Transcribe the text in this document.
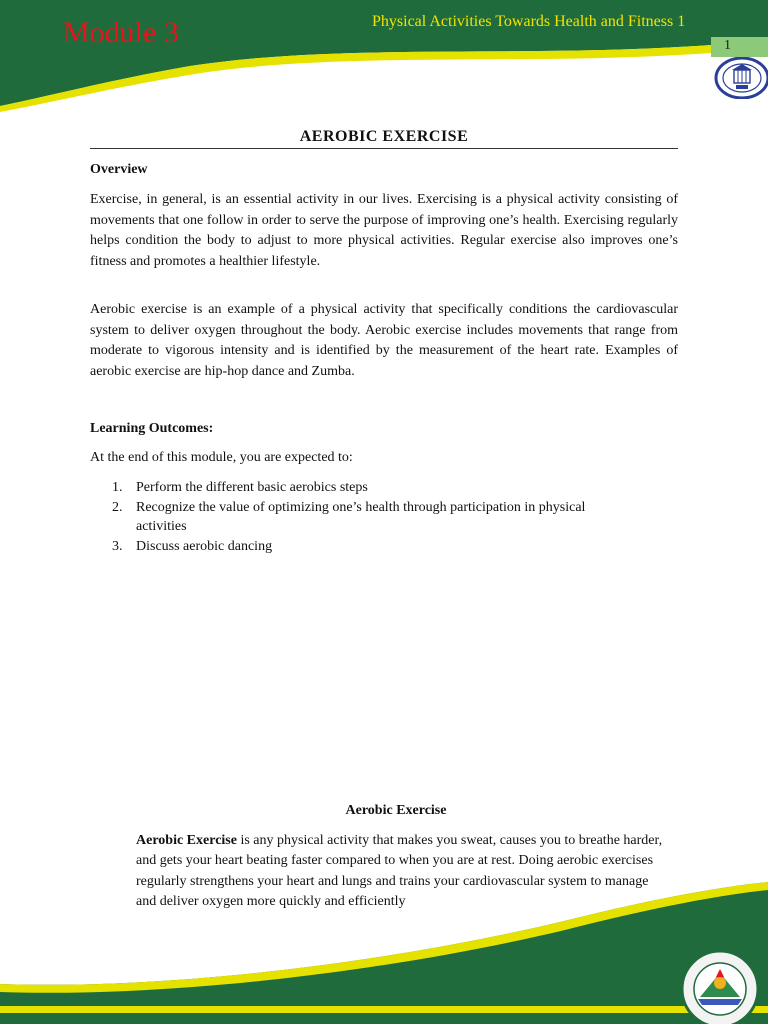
Module 3	Physical Activities Towards Health and Fitness 1
1
AEROBIC EXERCISE
Overview

Exercise, in general, is an essential activity in our lives. Exercising is a physical activity consisting of movements that one follow in order to serve the purpose of improving one’s health. Exercising regularly helps condition the body to adjust to more physical activities. Regular exercise also improves one’s fitness and promotes a healthier lifestyle.

Aerobic exercise is an example of a physical activity that specifically conditions the cardiovascular system to deliver oxygen throughout the body. Aerobic exercise includes movements that range from moderate to vigorous intensity and is identified by the measurement of the heart rate. Examples of aerobic exercise are hip-hop dance and Zumba.

Learning Outcomes:

At the end of this module, you are expected to:

1. Perform the different basic aerobics steps
2. Recognize the value of optimizing one’s health through participation in physical activities
3. Discuss aerobic dancing
Aerobic Exercise

Aerobic Exercise is any physical activity that makes you sweat, causes you to breathe harder, and gets your heart beating faster compared to when you are at rest. Doing aerobic exercises regularly strengthens your heart and lungs and trains your cardiovascular system to manage and deliver oxygen more quickly and efficiently
